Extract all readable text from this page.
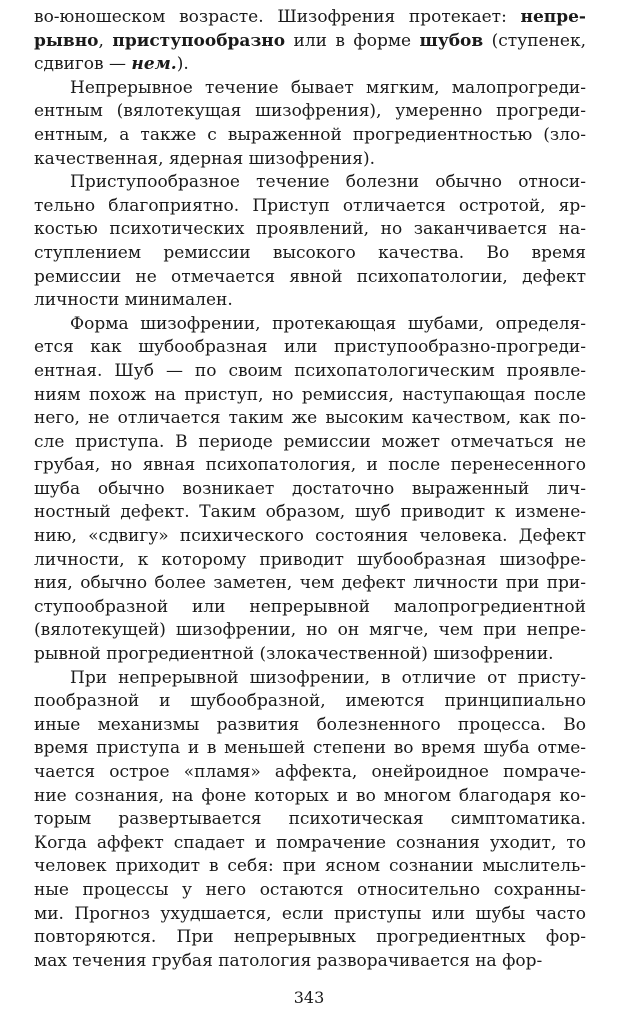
во-юношеском возрасте. Шизофрения протекает: непре-
рывно, приступообразно или в форме шубов (ступенек,
сдвигов — нем.).
Непрерывное течение бывает мягким, малопрогреди-
ентным (вялотекущая шизофрения), умеренно прогреди-
ентным, а также с выраженной прогредиентностью (зло-
качественная, ядерная шизофрения).
Приступообразное течение болезни обычно относи-
тельно благоприятно. Приступ отличается остротой, яр-
костью психотических проявлений, но заканчивается на-
ступлением ремиссии высокого качества. Во время
ремиссии не отмечается явной психопатологии, дефект
личности минимален.
Форма шизофрении, протекающая шубами, определя-
ется как шубообразная или приступообразно-прогреди-
ентная. Шуб — по своим психопатологическим проявле-
ниям похож на приступ, но ремиссия, наступающая после
него, не отличается таким же высоким качеством, как по-
сле приступа. В периоде ремиссии может отмечаться не
грубая, но явная психопатология, и после перенесенного
шуба обычно возникает достаточно выраженный лич-
ностный дефект. Таким образом, шуб приводит к измене-
нию, «сдвигу» психического состояния человека. Дефект
личности, к которому приводит шубообразная шизофре-
ния, обычно более заметен, чем дефект личности при при-
ступообразной или непрерывной малопрогредиентной
(вялотекущей) шизофрении, но он мягче, чем при непре-
рывной прогредиентной (злокачественной) шизофрении.
При непрерывной шизофрении, в отличие от присту-
пообразной и шубообразной, имеются принципиально
иные механизмы развития болезненного процесса. Во
время приступа и в меньшей степени во время шуба отме-
чается острое «пламя» аффекта, онейроидное помраче-
ние сознания, на фоне которых и во многом благодаря ко-
торым развертывается психотическая симптоматика.
Когда аффект спадает и помрачение сознания уходит, то
человек приходит в себя: при ясном сознании мыслитель-
ные процессы у него остаются относительно сохранны-
ми. Прогноз ухудшается, если приступы или шубы часто
повторяются. При непрерывных прогредиентных фор-
мах течения грубая патология разворачивается на фор-
343
